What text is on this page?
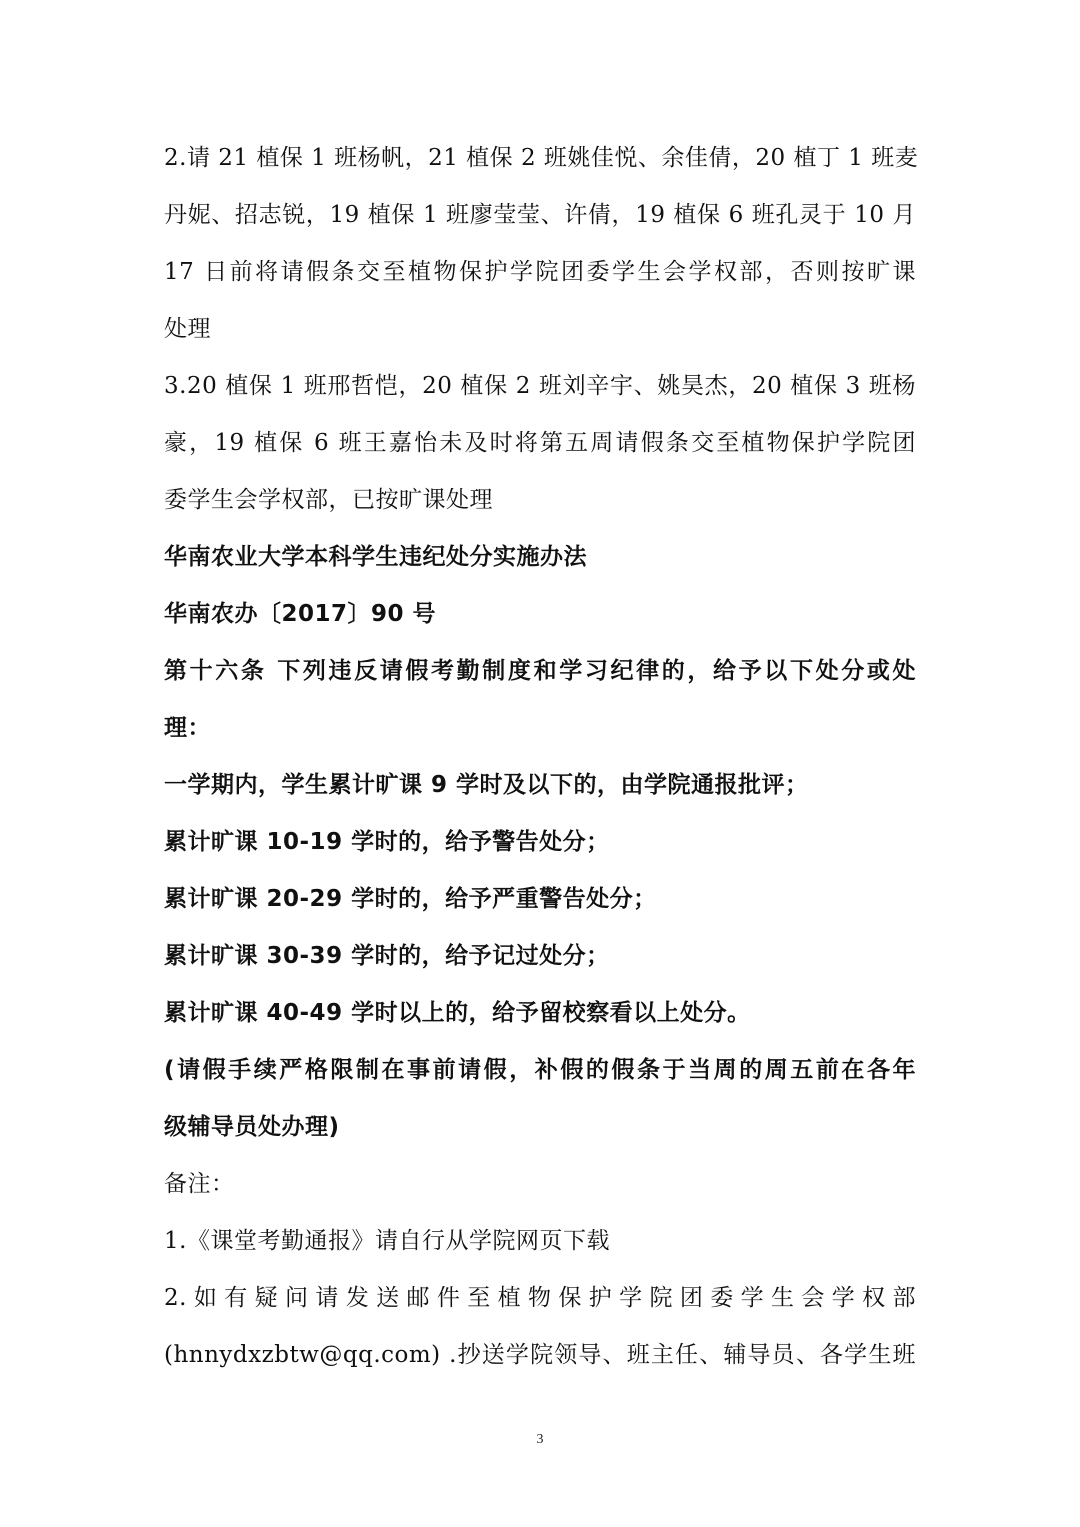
2.请 21 植保 1 班杨帆，21 植保 2 班姚佳悦、余佳倩，20 植丁 1 班麦
丹妮、招志锐，19 植保 1 班廖莹莹、许倩，19 植保 6 班孔灵于 10 月
17 日前将请假条交至植物保护学院团委学生会学权部，否则按旷课
处理
3.20 植保 1 班邢哲恺，20 植保 2 班刘辛宇、姚昊杰，20 植保 3 班杨
豪，19 植保 6 班王嘉怡未及时将第五周请假条交至植物保护学院团
委学生会学权部，已按旷课处理
华南农业大学本科学生违纪处分实施办法
华南农办〔2017〕90 号
第十六条 下列违反请假考勤制度和学习纪律的，给予以下处分或处
理：
一学期内，学生累计旷课 9 学时及以下的，由学院通报批评；
累计旷课 10-19 学时的，给予警告处分；
累计旷课 20-29 学时的，给予严重警告处分；
累计旷课 30-39 学时的，给予记过处分；
累计旷课 40-49 学时以上的，给予留校察看以上处分。
(请假手续严格限制在事前请假，补假的假条于当周的周五前在各年
级辅导员处办理)
备注：
1.《课堂考勤通报》请自行从学院网页下载
2.如有疑问请发送邮件至植物保护学院团委学生会学权部
(hnnydxzbtw@qq.com) .抄送学院领导、班主任、辅导员、各学生班
3
